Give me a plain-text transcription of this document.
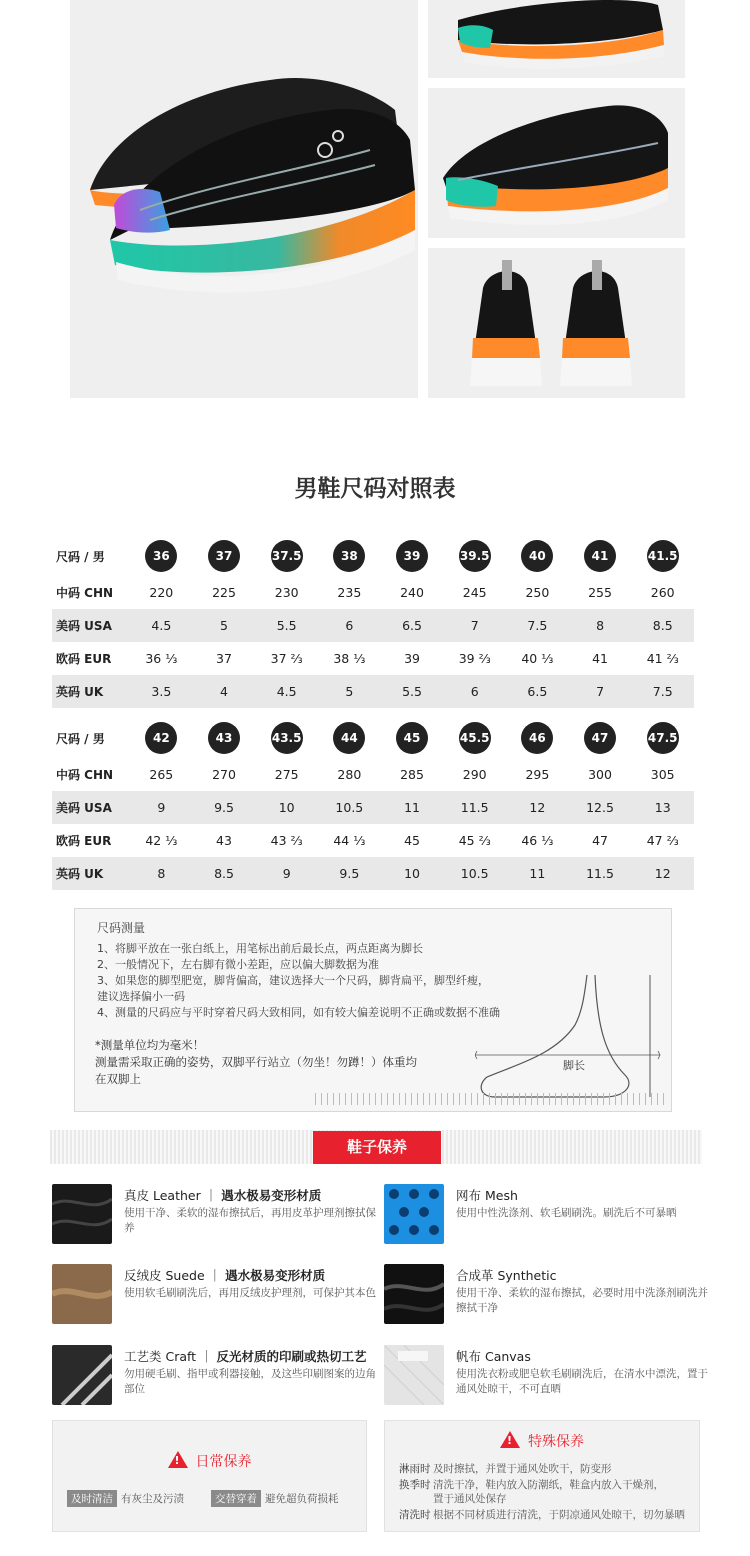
男鞋尺码对照表
尺码 / 男	36	37	37.5	38	39	39.5	40	41	41.5
中码 CHN	220	225	230	235	240	245	250	255	260
美码 USA	4.5	5	5.5	6	6.5	7	7.5	8	8.5
欧码 EUR	36 ⅓	37	37 ⅔	38 ⅓	39	39 ⅔	40 ⅓	41	41 ⅔
英码 UK	3.5	4	4.5	5	5.5	6	6.5	7	7.5
尺码 / 男	42	43	43.5	44	45	45.5	46	47	47.5
中码 CHN	265	270	275	280	285	290	295	300	305
美码 USA	9	9.5	10	10.5	11	11.5	12	12.5	13
欧码 EUR	42 ⅓	43	43 ⅔	44 ⅓	45	45 ⅔	46 ⅓	47	47 ⅔
英码 UK	8	8.5	9	9.5	10	10.5	11	11.5	12
尺码测量
1、将脚平放在一张白纸上，用笔标出前后最长点，两点距离为脚长
2、一般情况下，左右脚有微小差距，应以偏大脚数据为准
3、如果您的脚型肥宽，脚背偏高，建议选择大一个尺码，脚背扁平，脚型纤瘦，
建议选择偏小一码
4、测量的尺码应与平时穿着尺码大致相同，如有较大偏差说明不正确或数据不准确
*测量单位均为毫米！
测量需采取正确的姿势，双脚平行站立（勿坐！勿蹲！）体重均
在双脚上
脚长
鞋子保养
真皮 Leather ｜ 遇水极易变形材质
使用干净、柔软的湿布擦拭后，再用皮革护理剂擦拭保养
网布 Mesh
使用中性洗涤剂、软毛刷刷洗。刷洗后不可暴晒
反绒皮 Suede ｜ 遇水极易变形材质
使用软毛刷刷洗后，再用反绒皮护理剂，可保护其本色
合成革 Synthetic
使用干净、柔软的湿布擦拭，必要时用中洗涤剂刷洗并擦拭干净
工艺类 Craft ｜ 反光材质的印刷或热切工艺
勿用硬毛刷、指甲或利器接触，及这些印刷图案的边角部位
帆布 Canvas
使用洗衣粉或肥皂软毛刷刷洗后，在清水中漂洗，置于通风处晾干，不可直晒
!日常保养
及时清洁 有灰尘及污渍	交替穿着 避免超负荷损耗
!特殊保养
淋雨时 及时擦拭，并置于通风处吹干，防变形
换季时 清洗干净，鞋内放入防潮纸，鞋盒内放入干燥剂，
置于通风处保存
清洗时 根据不同材质进行清洗，于阴凉通风处晾干，切勿暴晒
